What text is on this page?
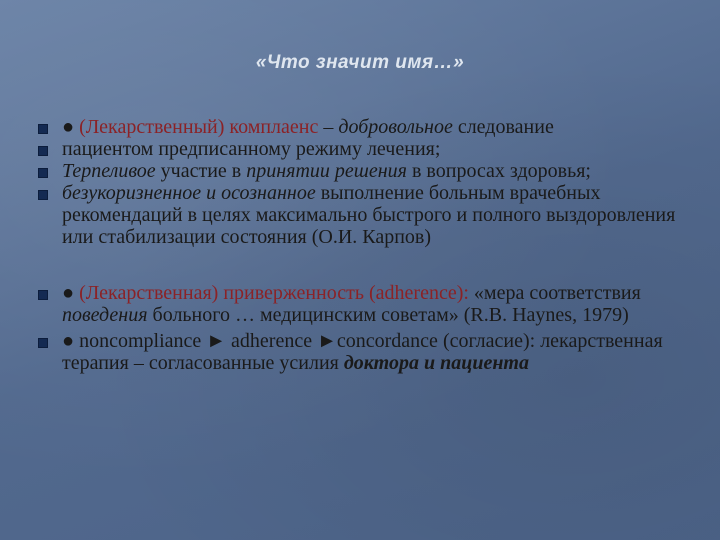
«Что значит имя…»
● (Лекарственный) комплаенс – добровольное следование
пациентом предписанному режиму лечения;
Терпеливое участие в принятии решения в вопросах здоровья;
безукоризненное и осознанное выполнение больным врачебных рекомендаций в целях максимально быстрого и полного выздоровления или стабилизации состояния (О.И. Карпов)
● (Лекарственная) приверженность (adherence): «мера соответствия поведения больного … медицинским советам» (R.B. Haynes, 1979)
● noncompliance ► adherence ►concordance (согласие): лекарственная терапия – согласованные усилия доктора и пациента
